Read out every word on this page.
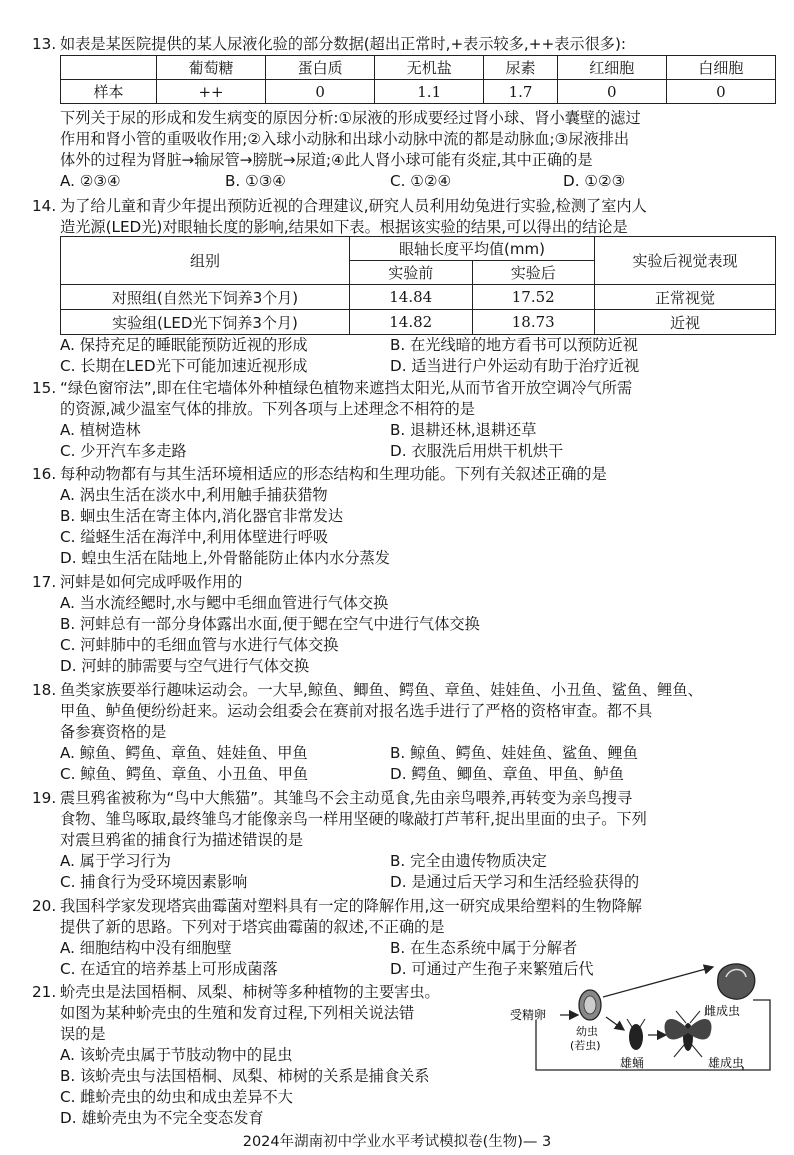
13. 如表是某医院提供的某人尿液化验的部分数据(超出正常时,+表示较多,++表示很多):
	葡萄糖	蛋白质	无机盐	尿素	红细胞	白细胞
样本	++	0	1.1	1.7	0	0
下列关于尿的形成和发生病变的原因分析:①尿液的形成要经过肾小球、肾小囊壁的滤过
作用和肾小管的重吸收作用;②入球小动脉和出球小动脉中流的都是动脉血;③尿液排出
体外的过程为肾脏→输尿管→膀胱→尿道;④此人肾小球可能有炎症,其中正确的是
A. ②③④	B. ①③④	C. ①②④	D. ①②③
14. 为了给儿童和青少年提出预防近视的合理建议,研究人员利用幼兔进行实验,检测了室内人
造光源(LED光)对眼轴长度的影响,结果如下表。根据该实验的结果,可以得出的结论是
组别	眼轴长度平均值(mm)		实验后视觉表现
	实验前	实验后	
对照组(自然光下饲养3个月)	14.84	17.52	正常视觉
实验组(LED光下饲养3个月)	14.82	18.73	近视
A. 保持充足的睡眠能预防近视的形成	B. 在光线暗的地方看书可以预防近视
C. 长期在LED光下可能加速近视形成	D. 适当进行户外运动有助于治疗近视
15. “绿色窗帘法”,即在住宅墙体外种植绿色植物来遮挡太阳光,从而节省开放空调冷气所需
的资源,减少温室气体的排放。下列各项与上述理念不相符的是
A. 植树造林	B. 退耕还林,退耕还草
C. 少开汽车多走路	D. 衣服洗后用烘干机烘干
16. 每种动物都有与其生活环境相适应的形态结构和生理功能。下列有关叙述正确的是
A. 涡虫生活在淡水中,利用触手捕获猎物
B. 蛔虫生活在寄主体内,消化器官非常发达
C. 缢蛏生活在海洋中,利用体壁进行呼吸
D. 蝗虫生活在陆地上,外骨骼能防止体内水分蒸发
17. 河蚌是如何完成呼吸作用的
A. 当水流经鳃时,水与鳃中毛细血管进行气体交换
B. 河蚌总有一部分身体露出水面,便于鳃在空气中进行气体交换
C. 河蚌肺中的毛细血管与水进行气体交换
D. 河蚌的肺需要与空气进行气体交换
18. 鱼类家族要举行趣味运动会。一大早,鲸鱼、鲫鱼、鳄鱼、章鱼、娃娃鱼、小丑鱼、鲨鱼、鲤鱼、
甲鱼、鲈鱼便纷纷赶来。运动会组委会在赛前对报名选手进行了严格的资格审查。都不具
备参赛资格的是
A. 鲸鱼、鳄鱼、章鱼、娃娃鱼、甲鱼	B. 鲸鱼、鳄鱼、娃娃鱼、鲨鱼、鲤鱼
C. 鲸鱼、鳄鱼、章鱼、小丑鱼、甲鱼	D. 鳄鱼、鲫鱼、章鱼、甲鱼、鲈鱼
19. 震旦鸦雀被称为“鸟中大熊猫”。其雏鸟不会主动觅食,先由亲鸟喂养,再转变为亲鸟搜寻
食物、雏鸟啄取,最终雏鸟才能像亲鸟一样用坚硬的喙敲打芦苇秆,捉出里面的虫子。下列
对震旦鸦雀的捕食行为描述错误的是
A. 属于学习行为	B. 完全由遗传物质决定
C. 捕食行为受环境因素影响	D. 是通过后天学习和生活经验获得的
20. 我国科学家发现塔宾曲霉菌对塑料具有一定的降解作用,这一研究成果给塑料的生物降解
提供了新的思路。下列对于塔宾曲霉菌的叙述,不正确的是
A. 细胞结构中没有细胞壁	B. 在生态系统中属于分解者
C. 在适宜的培养基上可形成菌落	D. 可通过产生孢子来繁殖后代
21. 蚧壳虫是法国梧桐、凤梨、柿树等多种植物的主要害虫。
如图为某种蚧壳虫的生殖和发育过程,下列相关说法错
误的是
A. 该蚧壳虫属于节肢动物中的昆虫
B. 该蚧壳虫与法国梧桐、凤梨、柿树的关系是捕食关系
C. 雌蚧壳虫的幼虫和成虫差异不大
D. 雄蚧壳虫为不完全变态发育
受精卵
幼虫
(若虫)
雌成虫
雄蛹	雄成虫
2024年湖南初中学业水平考试模拟卷(生物)— 3
